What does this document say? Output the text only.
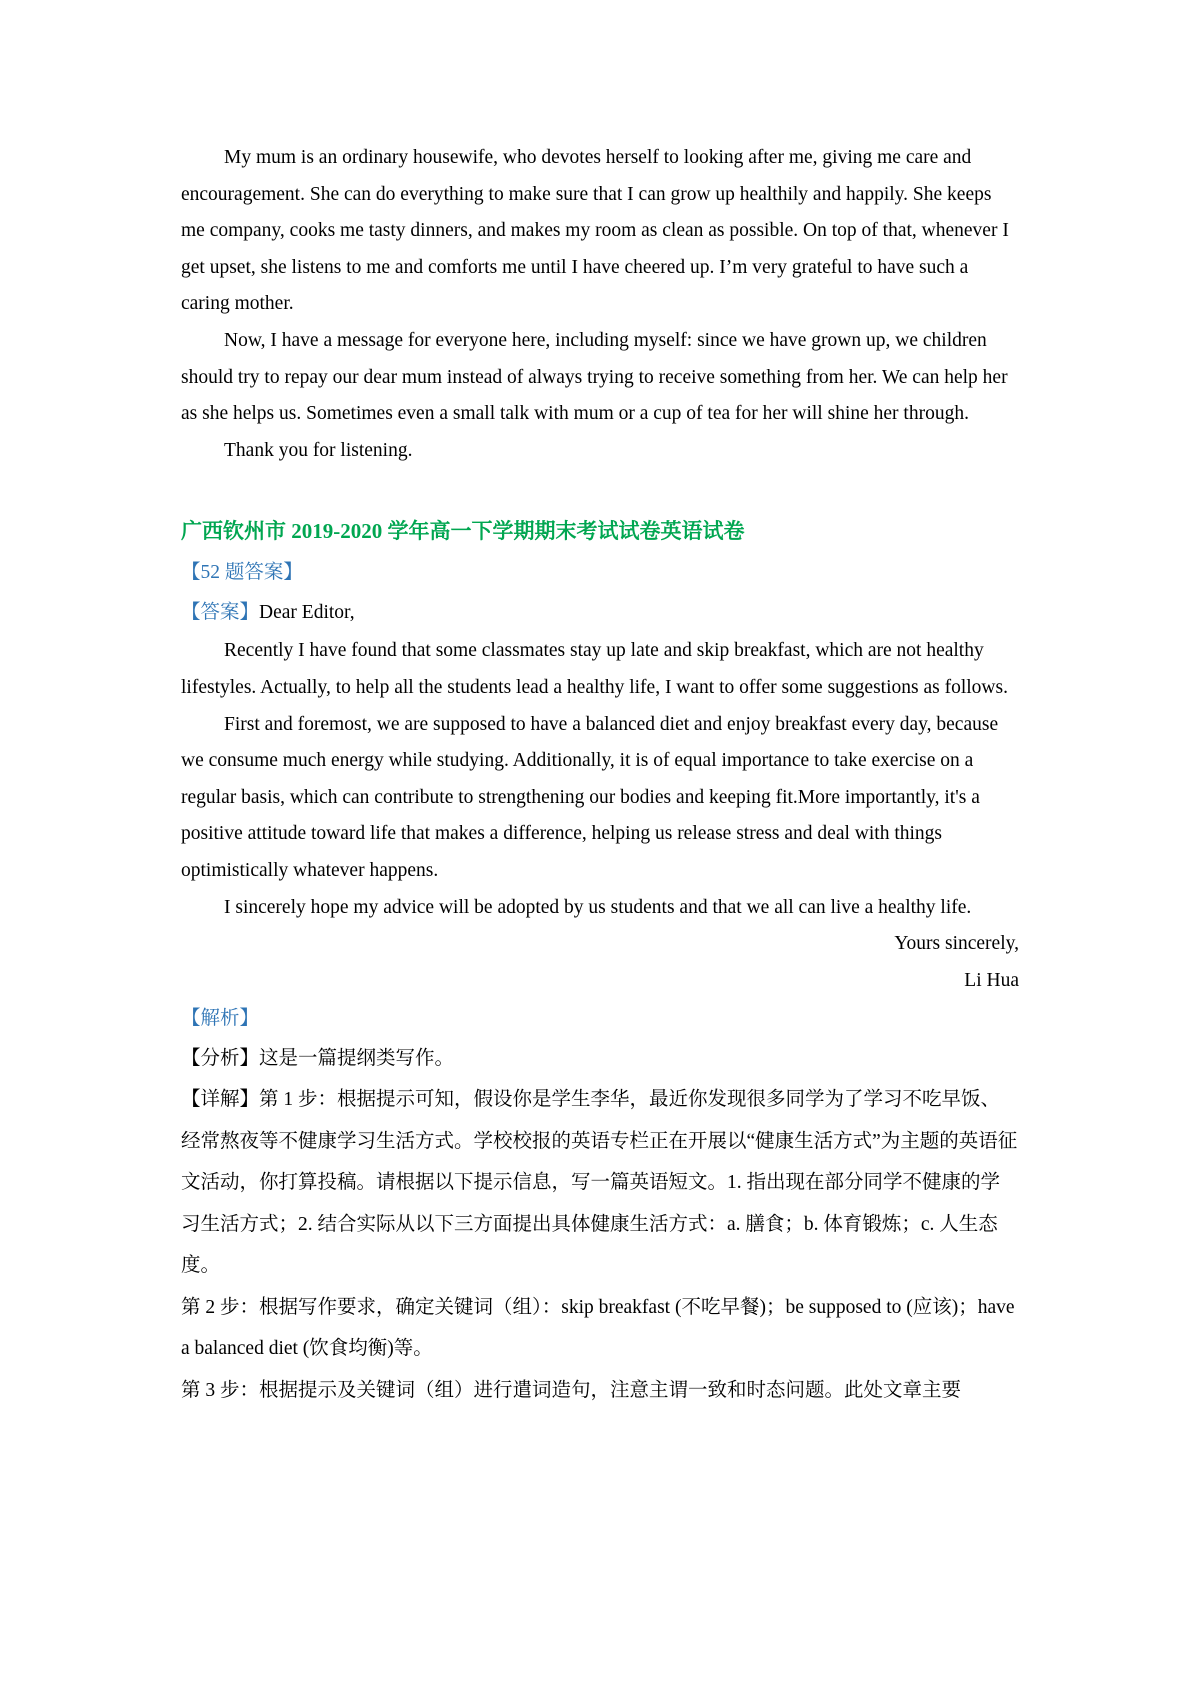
My mum is an ordinary housewife, who devotes herself to looking after me, giving me care and encouragement. She can do everything to make sure that I can grow up healthily and happily. She keeps me company, cooks me tasty dinners, and makes my room as clean as possible. On top of that, whenever I get upset, she listens to me and comforts me until I have cheered up. I’m very grateful to have such a caring mother.

Now, I have a message for everyone here, including myself: since we have grown up, we children should try to repay our dear mum instead of always trying to receive something from her. We can help her as she helps us. Sometimes even a small talk with mum or a cup of tea for her will shine her through.

Thank you for listening.

广西钦州市 2019-2020 学年高一下学期期末考试试卷英语试卷

【52 题答案】

【答案】Dear Editor,

Recently I have found that some classmates stay up late and skip breakfast, which are not healthy lifestyles. Actually, to help all the students lead a healthy life, I want to offer some suggestions as follows.

First and foremost, we are supposed to have a balanced diet and enjoy breakfast every day, because we consume much energy while studying. Additionally, it is of equal importance to take exercise on a regular basis, which can contribute to strengthening our bodies and keeping fit.More importantly, it's a positive attitude toward life that makes a difference, helping us release stress and deal with things optimistically whatever happens.

I sincerely hope my advice will be adopted by us students and that we all can live a healthy life.

Yours sincerely,

Li Hua

【解析】

【分析】这是一篇提纲类写作。

【详解】第 1 步：根据提示可知，假设你是学生李华，最近你发现很多同学为了学习不吃早饭、经常熬夜等不健康学习生活方式。学校校报的英语专栏正在开展以“健康生活方式”为主题的英语征文活动，你打算投稿。请根据以下提示信息，写一篇英语短文。1. 指出现在部分同学不健康的学习生活方式；2. 结合实际从以下三方面提出具体健康生活方式：a. 膳食；b. 体育锻炼；c. 人生态度。

第 2 步：根据写作要求，确定关键词（组）：skip breakfast (不吃早餐)；be supposed to (应该)；have a balanced diet (饮食均衡)等。

第 3 步：根据提示及关键词（组）进行遣词造句，注意主谓一致和时态问题。此处文章主要
